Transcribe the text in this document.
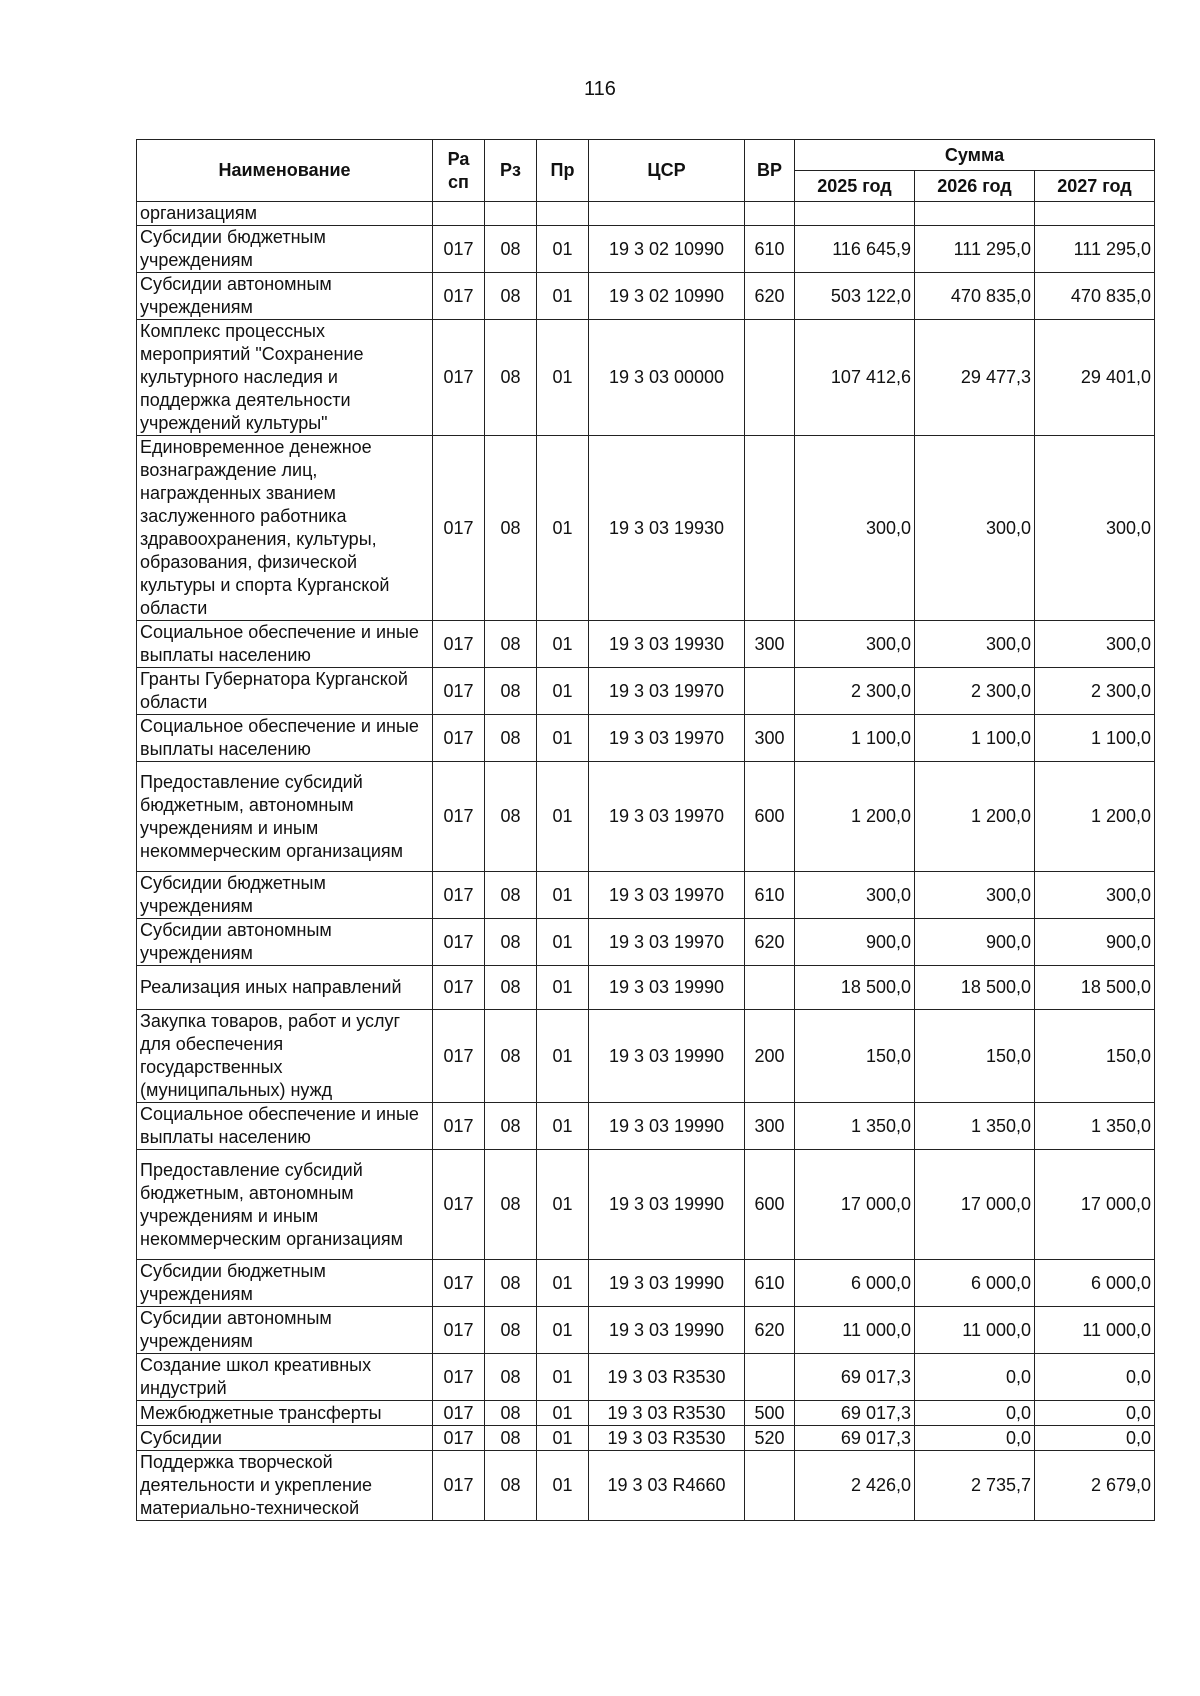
116
Наименование	Ра сп	Рз	Пр	ЦСР	ВР	Сумма		
						2025 год	2026 год	2027 год
организациям								
Субсидии бюджетным учреждениям	017	08	01	19 3 02 10990	610	116 645,9	111 295,0	111 295,0
Субсидии автономным учреждениям	017	08	01	19 3 02 10990	620	503 122,0	470 835,0	470 835,0
Комплекс процессных мероприятий "Сохранение культурного наследия и поддержка деятельности учреждений культуры"	017	08	01	19 3 03 00000		107 412,6	29 477,3	29 401,0
Единовременное денежное вознаграждение лиц, награжденных званием заслуженного работника здравоохранения, культуры, образования, физической культуры и спорта Курганской области	017	08	01	19 3 03 19930		300,0	300,0	300,0
Социальное обеспечение и иные выплаты населению	017	08	01	19 3 03 19930	300	300,0	300,0	300,0
Гранты Губернатора Курганской области	017	08	01	19 3 03 19970		2 300,0	2 300,0	2 300,0
Социальное обеспечение и иные выплаты населению	017	08	01	19 3 03 19970	300	1 100,0	1 100,0	1 100,0
Предоставление субсидий бюджетным, автономным учреждениям и иным некоммерческим организациям	017	08	01	19 3 03 19970	600	1 200,0	1 200,0	1 200,0
Субсидии бюджетным учреждениям	017	08	01	19 3 03 19970	610	300,0	300,0	300,0
Субсидии автономным учреждениям	017	08	01	19 3 03 19970	620	900,0	900,0	900,0
Реализация иных направлений	017	08	01	19 3 03 19990		18 500,0	18 500,0	18 500,0
Закупка товаров, работ и услуг для обеспечения государственных (муниципальных) нужд	017	08	01	19 3 03 19990	200	150,0	150,0	150,0
Социальное обеспечение и иные выплаты населению	017	08	01	19 3 03 19990	300	1 350,0	1 350,0	1 350,0
Предоставление субсидий бюджетным, автономным учреждениям и иным некоммерческим организациям	017	08	01	19 3 03 19990	600	17 000,0	17 000,0	17 000,0
Субсидии бюджетным учреждениям	017	08	01	19 3 03 19990	610	6 000,0	6 000,0	6 000,0
Субсидии автономным учреждениям	017	08	01	19 3 03 19990	620	11 000,0	11 000,0	11 000,0
Создание школ креативных индустрий	017	08	01	19 3 03 R3530		69 017,3	0,0	0,0
Межбюджетные трансферты	017	08	01	19 3 03 R3530	500	69 017,3	0,0	0,0
Субсидии	017	08	01	19 3 03 R3530	520	69 017,3	0,0	0,0
Поддержка творческой деятельности и укрепление материально-технической	017	08	01	19 3 03 R4660		2 426,0	2 735,7	2 679,0
